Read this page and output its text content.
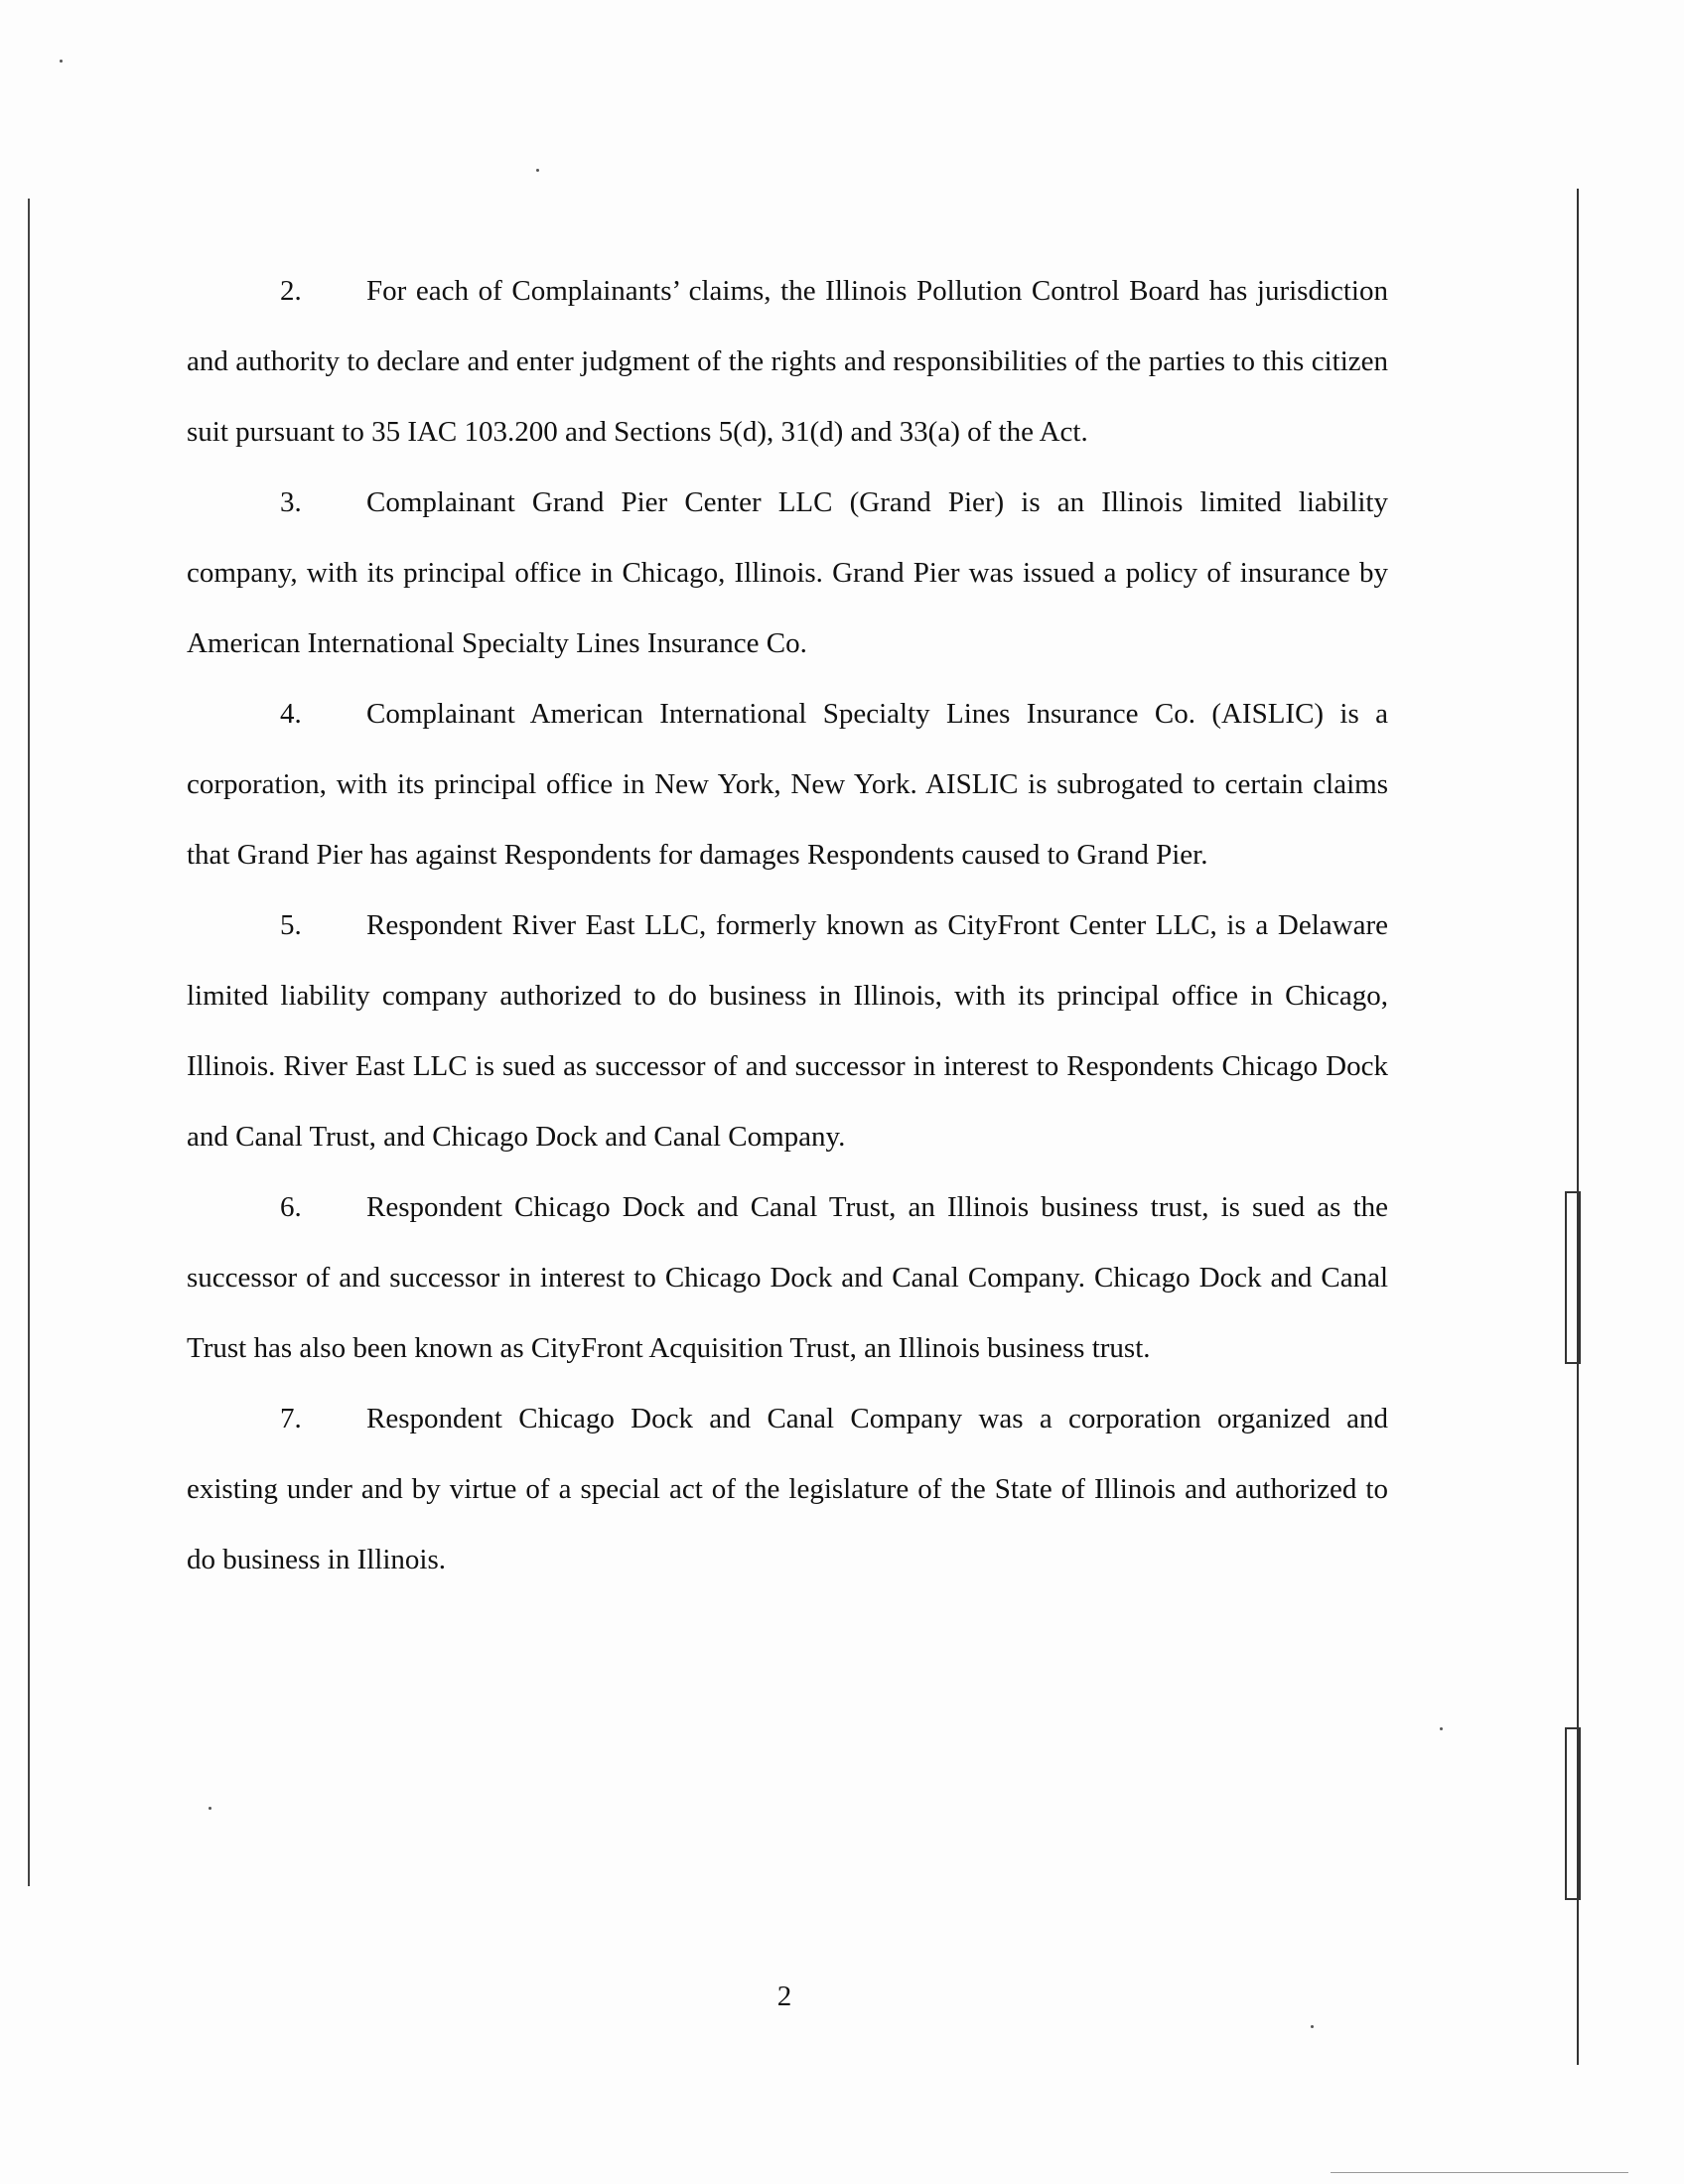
2. For each of Complainants’ claims, the Illinois Pollution Control Board has jurisdiction and authority to declare and enter judgment of the rights and responsibilities of the parties to this citizen suit pursuant to 35 IAC 103.200 and Sections 5(d), 31(d) and 33(a) of the Act.

3. Complainant Grand Pier Center LLC (Grand Pier) is an Illinois limited liability company, with its principal office in Chicago, Illinois. Grand Pier was issued a policy of insurance by American International Specialty Lines Insurance Co.

4. Complainant American International Specialty Lines Insurance Co. (AISLIC) is a corporation, with its principal office in New York, New York. AISLIC is subrogated to certain claims that Grand Pier has against Respondents for damages Respondents caused to Grand Pier.

5. Respondent River East LLC, formerly known as CityFront Center LLC, is a Delaware limited liability company authorized to do business in Illinois, with its principal office in Chicago, Illinois. River East LLC is sued as successor of and successor in interest to Respondents Chicago Dock and Canal Trust, and Chicago Dock and Canal Company.

6. Respondent Chicago Dock and Canal Trust, an Illinois business trust, is sued as the successor of and successor in interest to Chicago Dock and Canal Company. Chicago Dock and Canal Trust has also been known as CityFront Acquisition Trust, an Illinois business trust.

7. Respondent Chicago Dock and Canal Company was a corporation organized and existing under and by virtue of a special act of the legislature of the State of Illinois and authorized to do business in Illinois.

2
